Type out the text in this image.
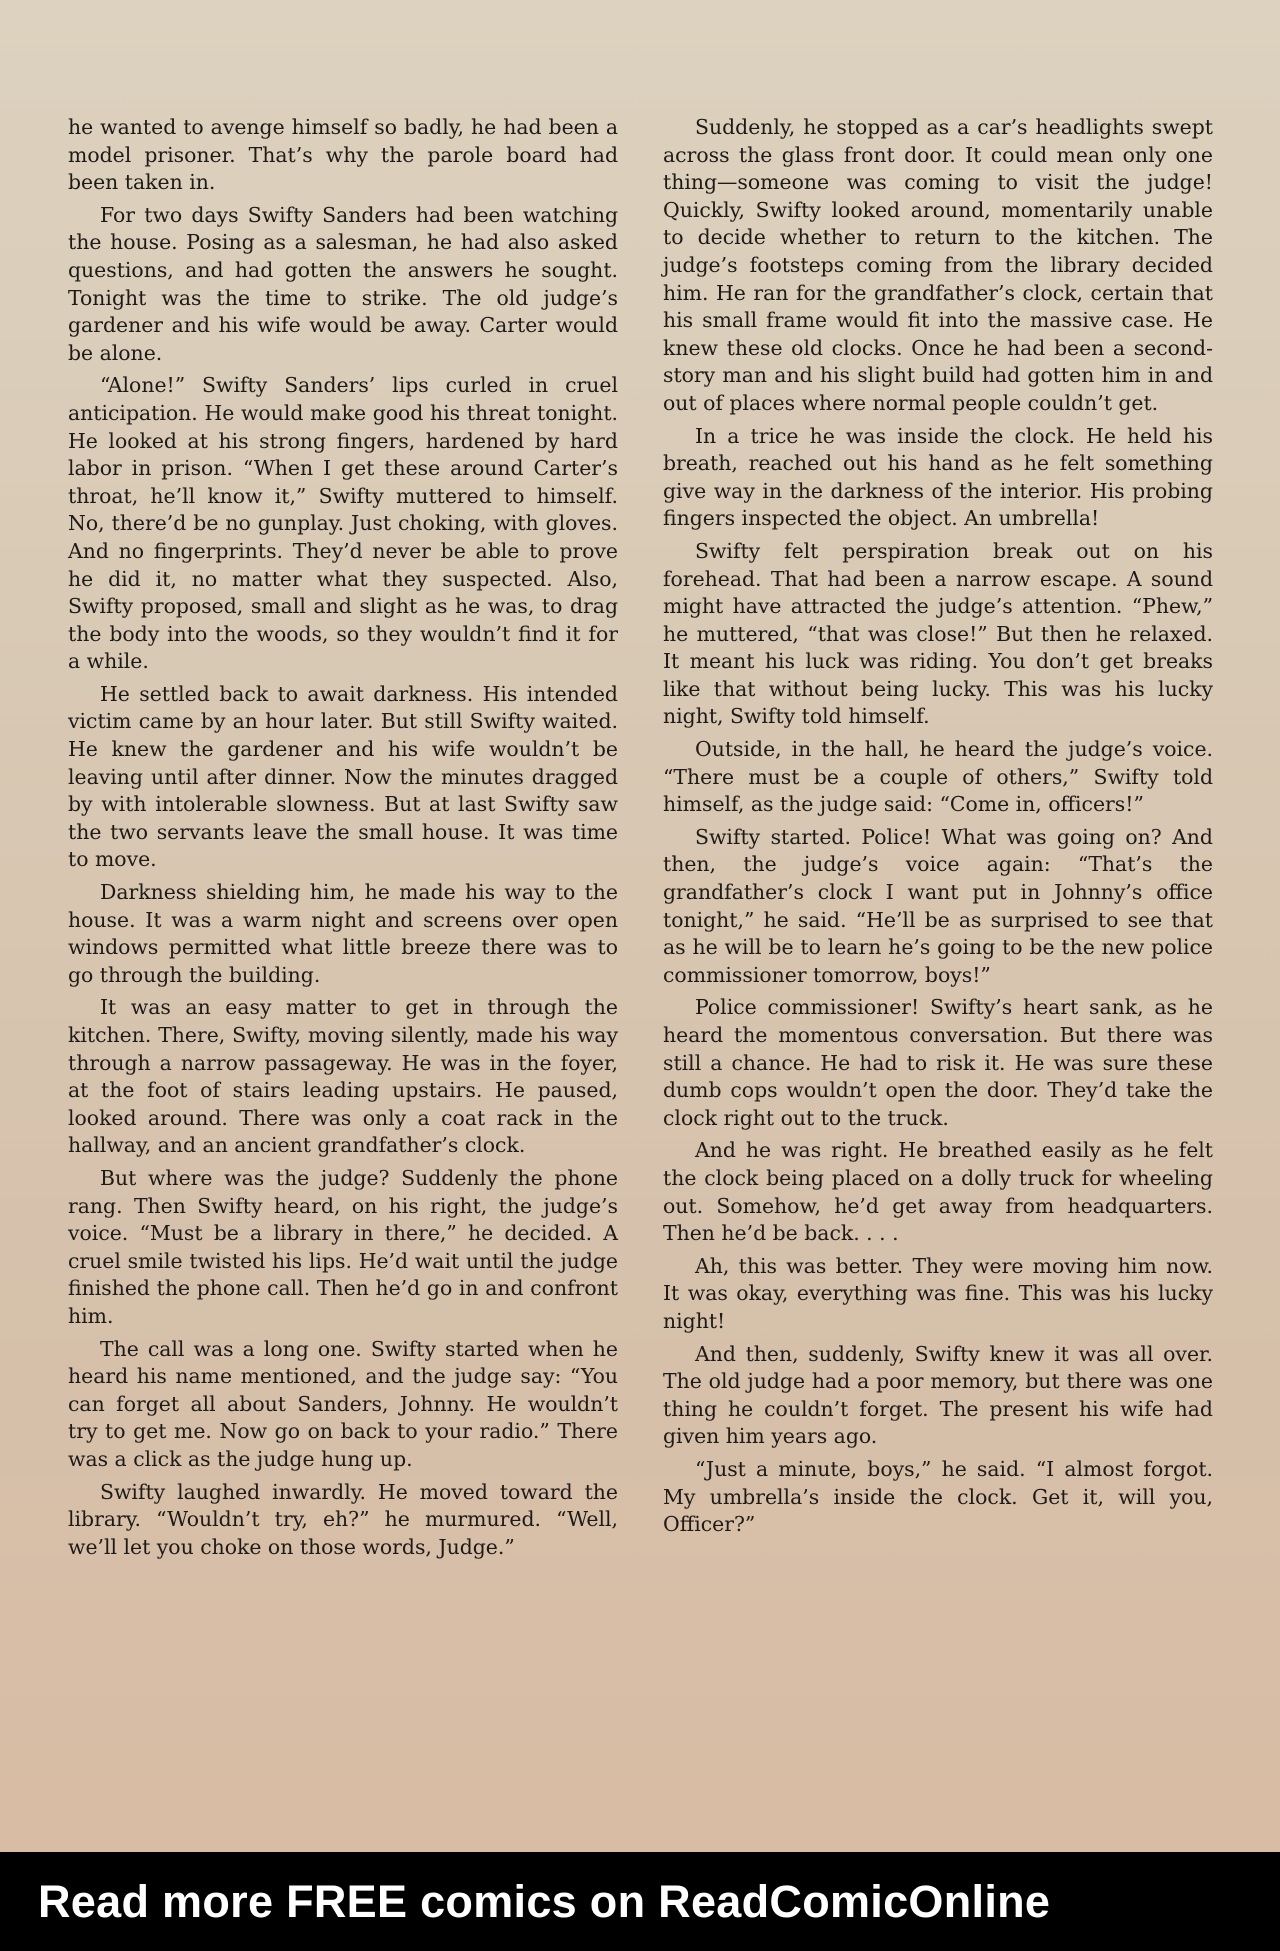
he wanted to avenge himself so badly, he had been a model prisoner. That’s why the parole board had been taken in.

For two days Swifty Sanders had been watching the house. Posing as a salesman, he had also asked questions, and had gotten the answers he sought. Tonight was the time to strike. The old judge’s gardener and his wife would be away. Carter would be alone.

“Alone!” Swifty Sanders’ lips curled in cruel anticipation. He would make good his threat tonight. He looked at his strong fingers, hardened by hard labor in prison. “When I get these around Carter’s throat, he’ll know it,” Swifty muttered to himself. No, there’d be no gunplay. Just choking, with gloves. And no fingerprints. They’d never be able to prove he did it, no matter what they suspected. Also, Swifty proposed, small and slight as he was, to drag the body into the woods, so they wouldn’t find it for a while.

He settled back to await darkness. His intended victim came by an hour later. But still Swifty waited. He knew the gardener and his wife wouldn’t be leaving until after dinner. Now the minutes dragged by with intolerable slowness. But at last Swifty saw the two servants leave the small house. It was time to move.

Darkness shielding him, he made his way to the house. It was a warm night and screens over open windows permitted what little breeze there was to go through the building.

It was an easy matter to get in through the kitchen. There, Swifty, moving silently, made his way through a narrow passageway. He was in the foyer, at the foot of stairs leading upstairs. He paused, looked around. There was only a coat rack in the hallway, and an ancient grandfather’s clock.

But where was the judge? Suddenly the phone rang. Then Swifty heard, on his right, the judge’s voice. “Must be a library in there,” he decided. A cruel smile twisted his lips. He’d wait until the judge finished the phone call. Then he’d go in and confront him.

The call was a long one. Swifty started when he heard his name mentioned, and the judge say: “You can forget all about Sanders, Johnny. He wouldn’t try to get me. Now go on back to your radio.” There was a click as the judge hung up.

Swifty laughed inwardly. He moved toward the library. “Wouldn’t try, eh?” he murmured. “Well, we’ll let you choke on those words, Judge.”

Suddenly, he stopped as a car’s headlights swept across the glass front door. It could mean only one thing—someone was coming to visit the judge! Quickly, Swifty looked around, momentarily unable to decide whether to return to the kitchen. The judge’s footsteps coming from the library decided him. He ran for the grandfather’s clock, certain that his small frame would fit into the massive case. He knew these old clocks. Once he had been a second-story man and his slight build had gotten him in and out of places where normal people couldn’t get.

In a trice he was inside the clock. He held his breath, reached out his hand as he felt something give way in the darkness of the interior. His probing fingers inspected the object. An umbrella!

Swifty felt perspiration break out on his forehead. That had been a narrow escape. A sound might have attracted the judge’s attention. “Phew,” he muttered, “that was close!” But then he relaxed. It meant his luck was riding. You don’t get breaks like that without being lucky. This was his lucky night, Swifty told himself.

Outside, in the hall, he heard the judge’s voice. “There must be a couple of others,” Swifty told himself, as the judge said: “Come in, officers!”

Swifty started. Police! What was going on? And then, the judge’s voice again: “That’s the grandfather’s clock I want put in Johnny’s office tonight,” he said. “He’ll be as surprised to see that as he will be to learn he’s going to be the new police commissioner tomorrow, boys!”

Police commissioner! Swifty’s heart sank, as he heard the momentous conversation. But there was still a chance. He had to risk it. He was sure these dumb cops wouldn’t open the door. They’d take the clock right out to the truck.

And he was right. He breathed easily as he felt the clock being placed on a dolly truck for wheeling out. Somehow, he’d get away from headquarters. Then he’d be back. . . .

Ah, this was better. They were moving him now. It was okay, everything was fine. This was his lucky night!

And then, suddenly, Swifty knew it was all over. The old judge had a poor memory, but there was one thing he couldn’t forget. The present his wife had given him years ago.

“Just a minute, boys,” he said. “I almost forgot. My umbrella’s inside the clock. Get it, will you, Officer?”

Read more FREE comics on ReadComicOnline
